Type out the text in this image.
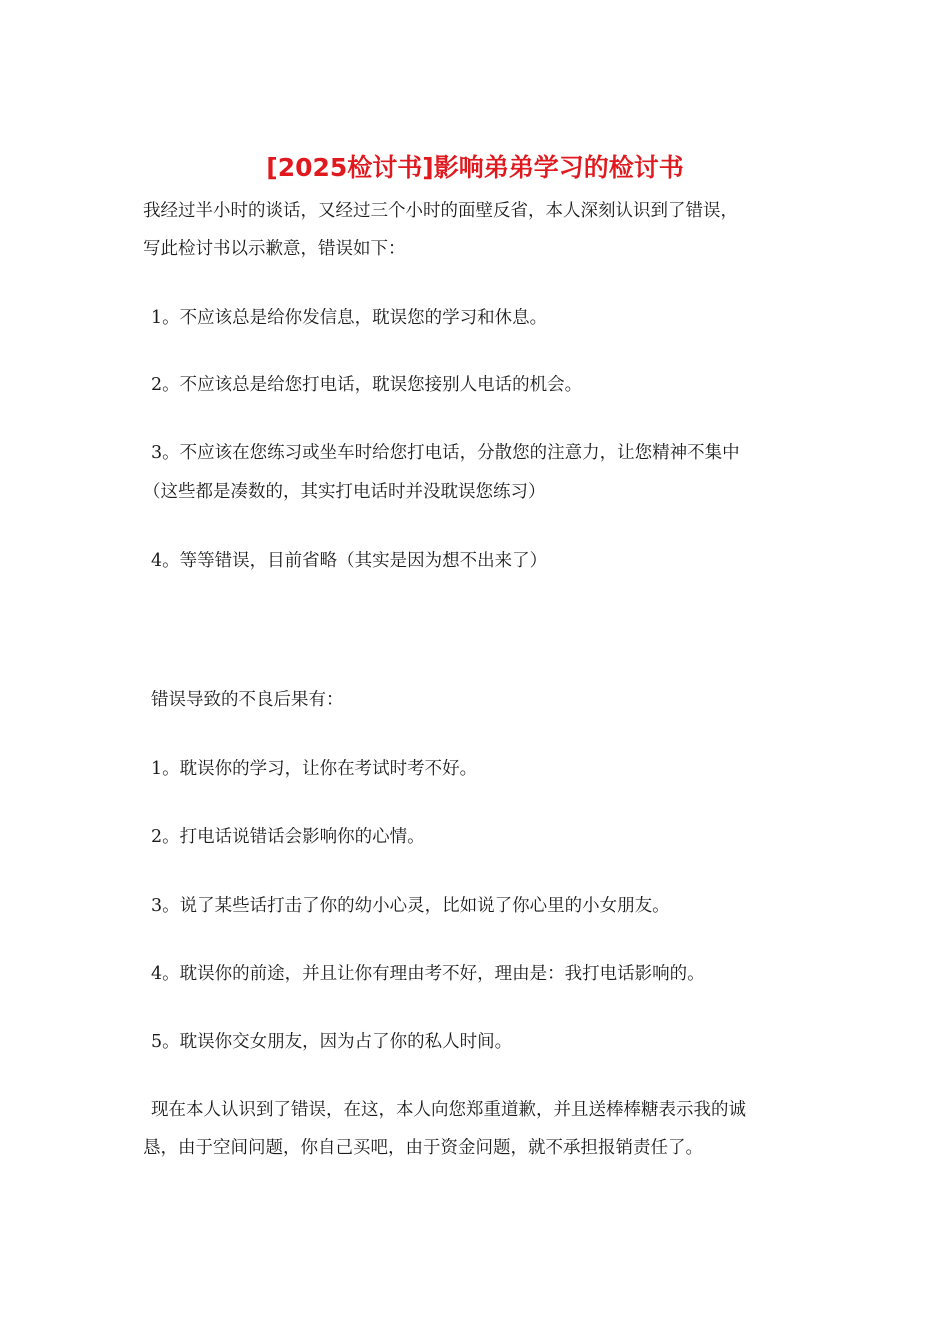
[2025检讨书]影响弟弟学习的检讨书

我经过半小时的谈话，又经过三个小时的面壁反省，本人深刻认识到了错误，

写此检讨书以示歉意，错误如下：

1。不应该总是给你发信息，耽误您的学习和休息。

2。不应该总是给您打电话，耽误您接别人电话的机会。

3。不应该在您练习或坐车时给您打电话，分散您的注意力，让您精神不集中

（这些都是凑数的，其实打电话时并没耽误您练习）

4。等等错误，目前省略（其实是因为想不出来了）

错误导致的不良后果有：

1。耽误你的学习，让你在考试时考不好。

2。打电话说错话会影响你的心情。

3。说了某些话打击了你的幼小心灵，比如说了你心里的小女朋友。

4。耽误你的前途，并且让你有理由考不好，理由是：我打电话影响的。

5。耽误你交女朋友，因为占了你的私人时间。

现在本人认识到了错误，在这，本人向您郑重道歉，并且送棒棒糖表示我的诚

恳，由于空间问题，你自己买吧，由于资金问题，就不承担报销责任了。
